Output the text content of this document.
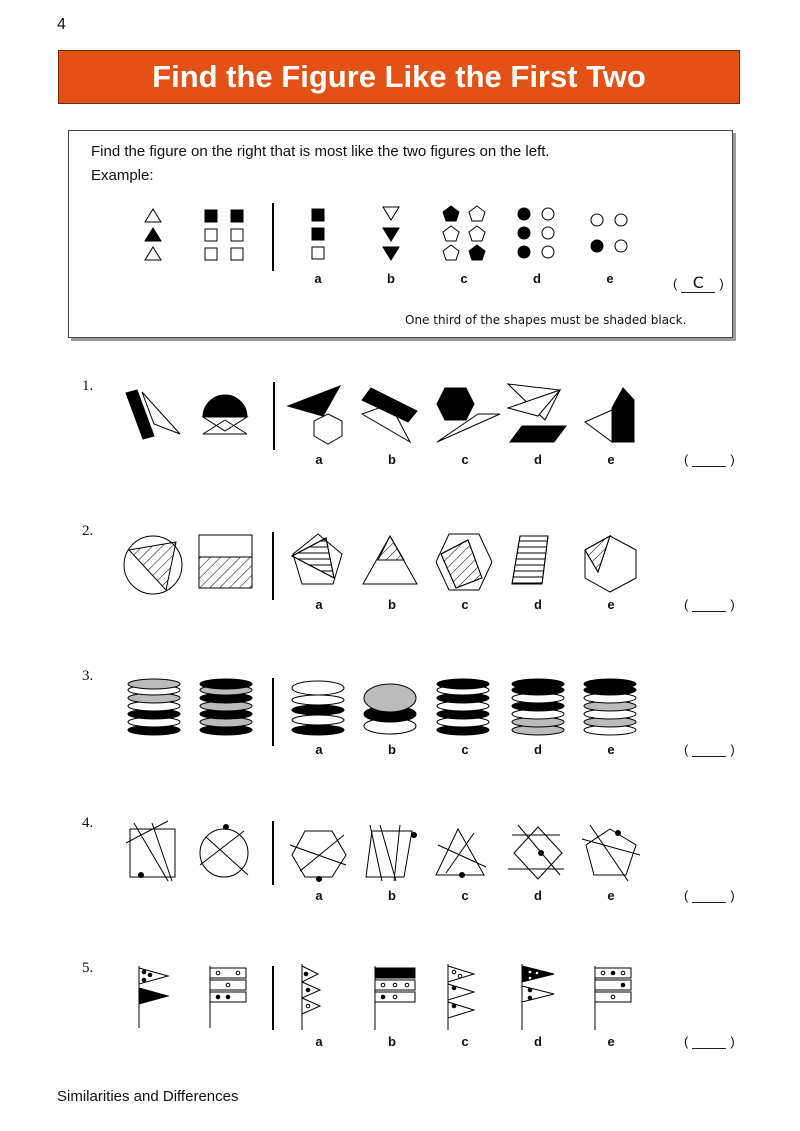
4
Find the Figure Like the First Two
Find the figure on the right that is most like the two figures on the left.
Example:
a	b	c	d	e	( C )
One third of the shapes must be shaded black.
1.
a	b	c	d	e	(	)
2.
a	b	c	d	e	(	)
3.
a	b	c	d	e	(	)
4.
a	b	c	d	e	(	)
5.
a	b	c	d	e	(	)
Similarities and Differences
